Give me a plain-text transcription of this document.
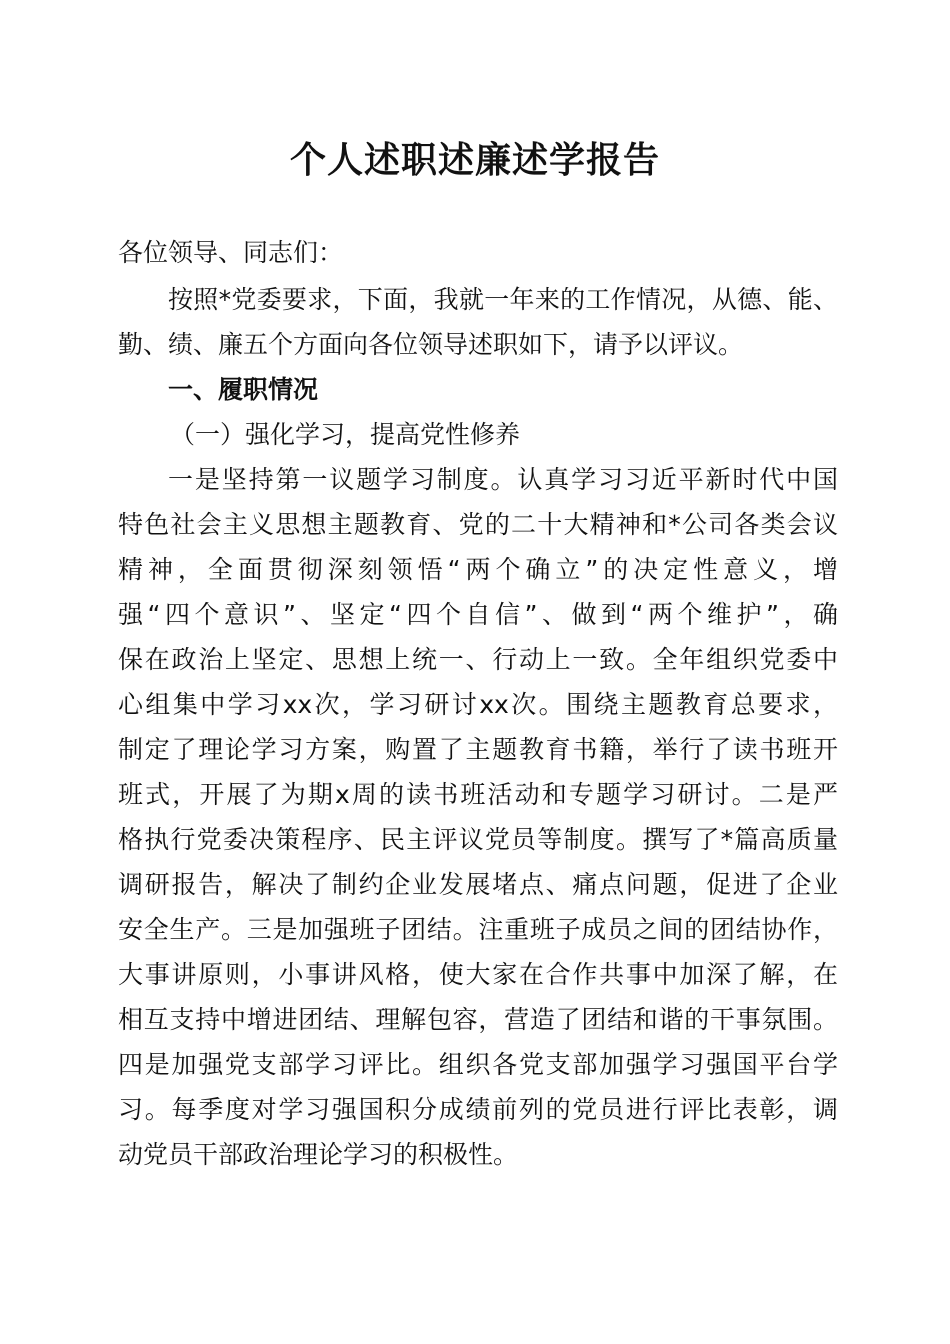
个人述职述廉述学报告
各位领导、同志们：
按照*党委要求，下面，我就一年来的工作情况，从德、能、
勤、绩、廉五个方面向各位领导述职如下，请予以评议。
一、履职情况
（一）强化学习，提高党性修养
一是坚持第一议题学习制度。认真学习习近平新时代中国
特色社会主义思想主题教育、党的二十大精神和*公司各类会议
精神，全面贯彻深刻领悟“两个确立”的决定性意义，增
强“四个意识”、坚定“四个自信”、做到“两个维护”，确
保在政治上坚定、思想上统一、行动上一致。全年组织党委中
心组集中学习xx次，学习研讨xx次。围绕主题教育总要求，
制定了理论学习方案，购置了主题教育书籍，举行了读书班开
班式，开展了为期x周的读书班活动和专题学习研讨。二是严
格执行党委决策程序、民主评议党员等制度。撰写了*篇高质量
调研报告，解决了制约企业发展堵点、痛点问题，促进了企业
安全生产。三是加强班子团结。注重班子成员之间的团结协作，
大事讲原则，小事讲风格，使大家在合作共事中加深了解，在
相互支持中增进团结、理解包容，营造了团结和谐的干事氛围。
四是加强党支部学习评比。组织各党支部加强学习强国平台学
习。每季度对学习强国积分成绩前列的党员进行评比表彰，调
动党员干部政治理论学习的积极性。
